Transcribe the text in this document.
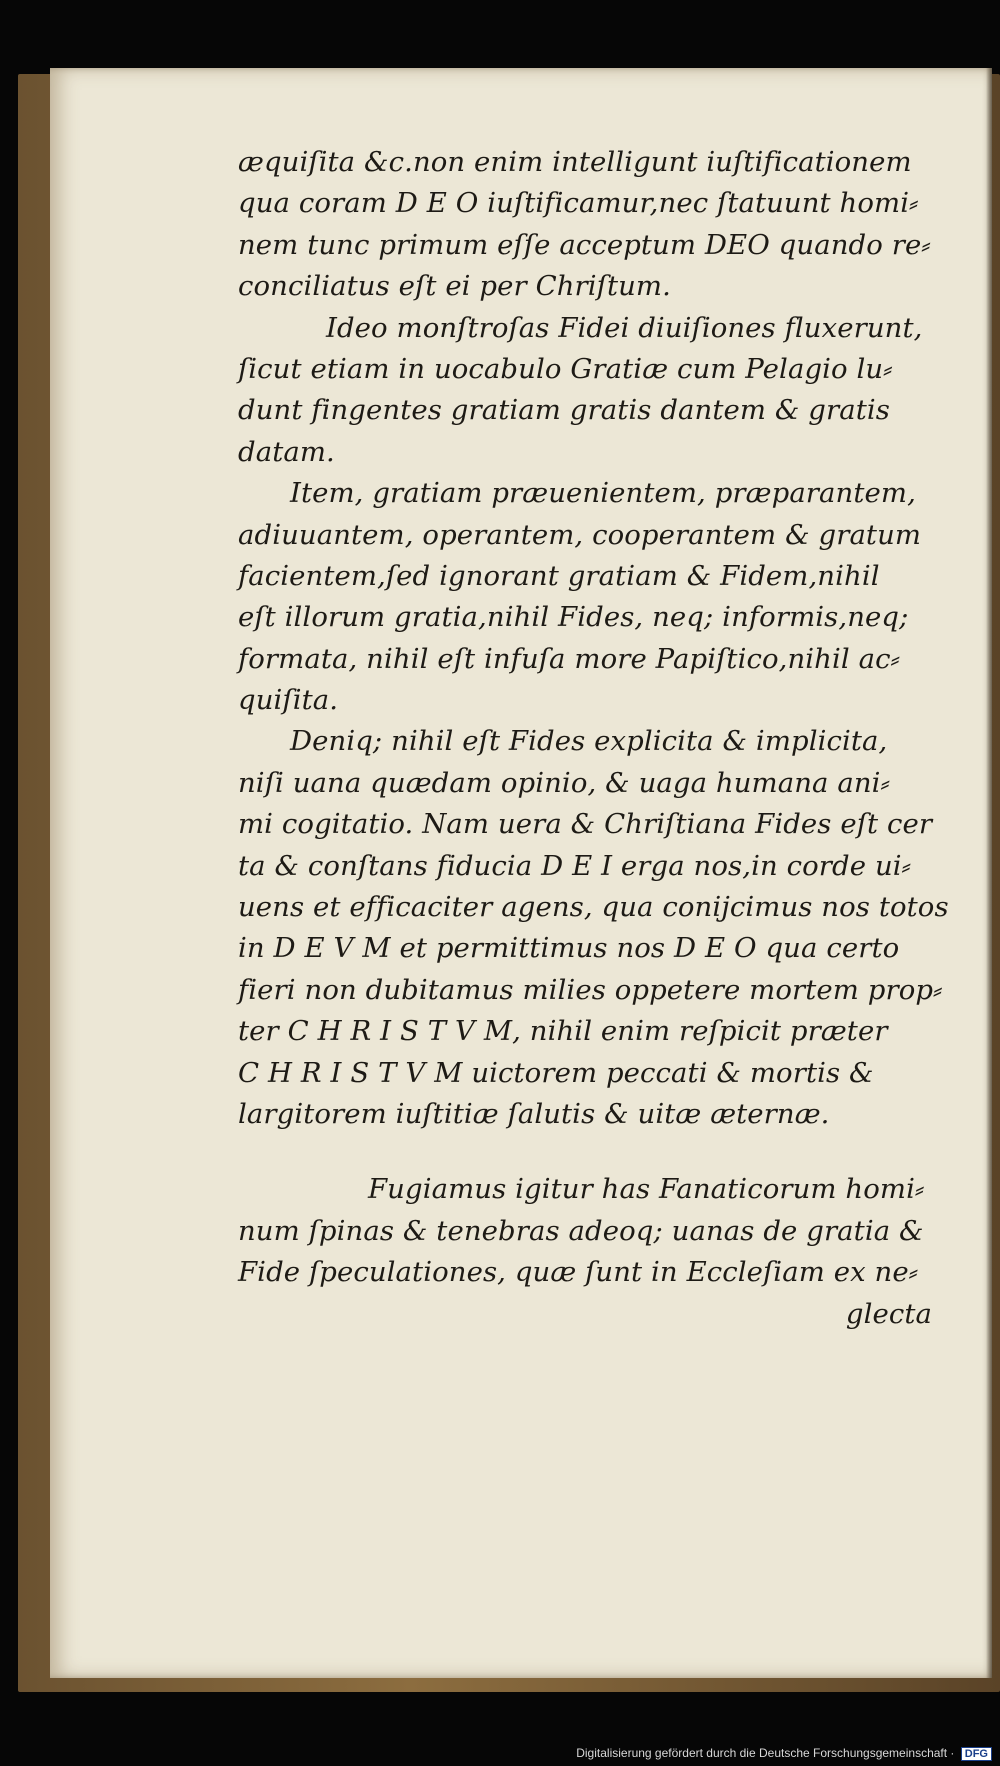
æquiſita &c.non enim intelligunt iuſtificationem
qua coram D E O iuſtificamur,nec ſtatuunt homi⸗
nem tunc primum eſſe acceptum DEO quando re⸗
conciliatus eſt ei per Chriſtum.
Ideo monſtroſas Fidei diuiſiones fluxerunt,
ſicut etiam in uocabulo Gratiæ cum Pelagio lu⸗
dunt fingentes gratiam gratis dantem & gratis
datam.
Item, gratiam præuenientem, præparantem,
adiuuantem, operantem, cooperantem & gratum
facientem,ſed ignorant gratiam & Fidem,nihil
eſt illorum gratia,nihil Fides, neq; informis,neq;
formata, nihil eſt infuſa more Papiſtico,nihil ac⸗
quiſita.
Deniq; nihil eſt Fides explicita & implicita,
niſi uana quædam opinio, & uaga humana ani⸗
mi cogitatio. Nam uera & Chriſtiana Fides eſt cer
ta & conſtans fiducia D E I erga nos,in corde ui⸗
uens et efficaciter agens, qua conijcimus nos totos
in D E V M et permittimus nos D E O qua certo
fieri non dubitamus milies oppetere mortem prop⸗
ter C H R I S T V M, nihil enim reſpicit præter
C H R I S T V M uictorem peccati & mortis &
largitorem iuſtitiæ ſalutis & uitæ æternæ.
Fugiamus igitur has Fanaticorum homi⸗
num ſpinas & tenebras adeoq; uanas de gratia &
Fide ſpeculationes, quæ ſunt in Eccleſiam ex ne⸗
glecta
Digitalisierung gefördert durch die Deutsche Forschungsgemeinschaft · DFG
